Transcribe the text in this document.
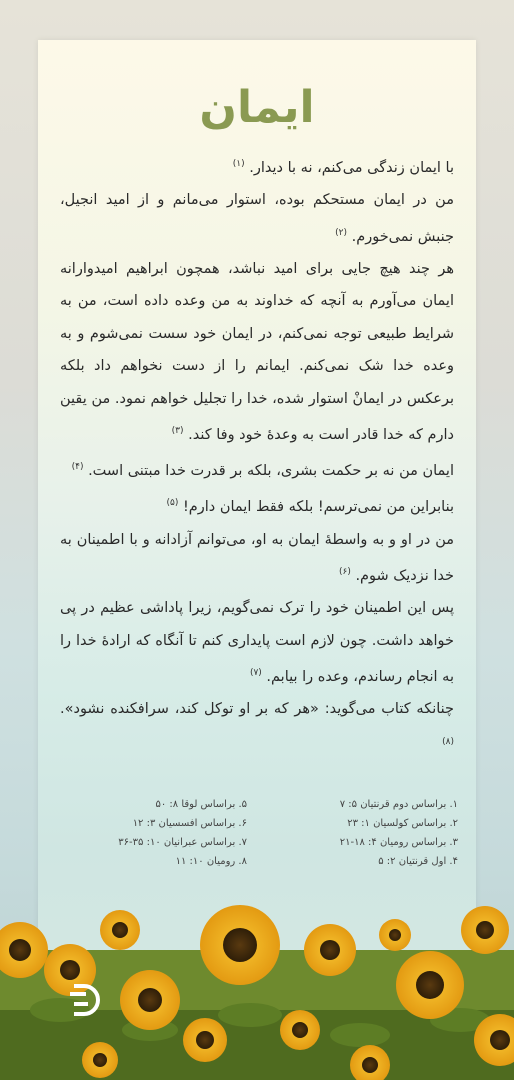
ایمان

با ایمان زندگی می‌کنم، نه با دیدار. $^{(۱)}$

من در ایمان مستحکم بوده، استوار می‌مانم و از امید انجیل، جنبش نمی‌خورم. $^{(۲)}$

هر چند هیچ جایی برای امید نباشد، همچون ابراهیم امیدوارانه ایمان می‌آورم به آنچه که خداوند به من وعده داده است، من به شرایط طبیعی توجه نمی‌کنم، در ایمان خود سست نمی‌شوم و به وعده خدا شک نمی‌کنم. ایمانم را از دست نخواهم داد بلکه برعکس در ایمانْ استوار شده، خدا را تجلیل خواهم نمود. من یقین دارم که خدا قادر است به وعدهٔ خود وفا کند. $^{(۳)}$

ایمان من نه بر حکمت بشری، بلکه بر قدرت خدا مبتنی است. $^{(۴)}$

بنابراین من نمی‌ترسم! بلکه فقط ایمان دارم! $^{(۵)}$

من در او و به واسطهٔ ایمان به او، می‌توانم آزادانه و با اطمینان به خدا نزدیک شوم. $^{(۶)}$

پس این اطمینان خود را ترک نمی‌گویم، زیرا پاداشی عظیم در پی خواهد داشت. چون لازم است پایداری کنم تا آنگاه که ارادهٔ خدا را به انجام رساندم، وعده را بیابم. $^{(۷)}$

چنانکه کتاب می‌گوید: «هر که بر او توکل کند، سرافکنده نشود». $^{(۸)}$

۱. براساس دوم قرنتیان ۵: ۷
۵. براساس لوقا ۸: ۵۰
۲. براساس کولسیان ۱: ۲۳
۶. براساس افسسیان ۳: ۱۲
۳. براساس رومیان ۴: ۱۸-۲۱
۷. براساس عبرانیان ۱۰: ۳۵-۳۶
۴. اول قرنتیان ۲: ۵
۸. رومیان ۱۰: ۱۱
